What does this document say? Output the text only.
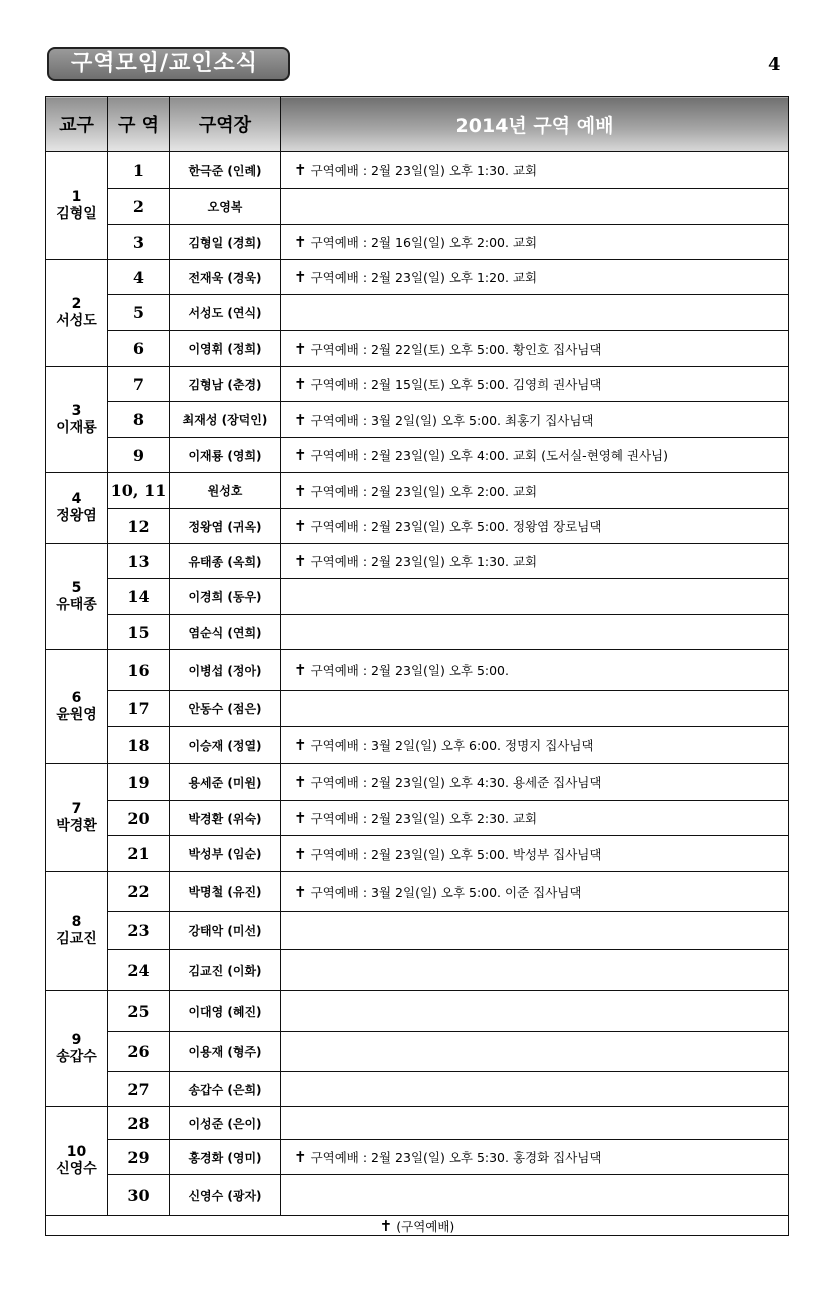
구역모임/교인소식	4
교구	구 역	구역장	2014년 구역 예배

1
김형일	1	한극준 (인례)	✝ 구역예배 : 2월 23일(일) 오후 1:30. 교회
	2	오영복	
	3	김형일 (경희)	✝ 구역예배 : 2월 16일(일) 오후 2:00. 교회

2
서성도	4	전재욱 (경욱)	✝ 구역예배 : 2월 23일(일) 오후 1:20. 교회
	5	서성도 (연식)	
	6	이영휘 (정희)	✝ 구역예배 : 2월 22일(토) 오후 5:00. 황인호 집사님댁

3
이재룡	7	김형남 (춘경)	✝ 구역예배 : 2월 15일(토) 오후 5:00. 김영희 권사님댁
	8	최재성 (장덕인)	✝ 구역예배 : 3월 2일(일) 오후 5:00. 최홍기 집사님댁
	9	이재룡 (영희)	✝ 구역예배 : 2월 23일(일) 오후 4:00. 교회 (도서실-현영혜 권사님)

4
정왕염	10, 11	원성호	✝ 구역예배 : 2월 23일(일) 오후 2:00. 교회
	12	정왕염 (귀옥)	✝ 구역예배 : 2월 23일(일) 오후 5:00. 정왕염 장로님댁

5
유태종	13	유태종 (옥희)	✝ 구역예배 : 2월 23일(일) 오후 1:30. 교회
	14	이경희 (동우)	
	15	염순식 (연희)	

6
윤원영	16	이병섭 (정아)	✝ 구역예배 : 2월 23일(일) 오후 5:00.
	17	안동수 (점은)	
	18	이승재 (정열)	✝ 구역예배 : 3월 2일(일) 오후 6:00. 정명지 집사님댁

7
박경환	19	용세준 (미원)	✝ 구역예배 : 2월 23일(일) 오후 4:30. 용세준 집사님댁
	20	박경환 (위숙)	✝ 구역예배 : 2월 23일(일) 오후 2:30. 교회
	21	박성부 (임순)	✝ 구역예배 : 2월 23일(일) 오후 5:00. 박성부 집사님댁

8
김교진	22	박명철 (유진)	✝ 구역예배 : 3월 2일(일) 오후 5:00. 이준 집사님댁
	23	강태악 (미선)	
	24	김교진 (이화)	

9
송갑수	25	이대영 (혜진)	
	26	이용재 (형주)	
	27	송갑수 (은희)	

10
신영수	28	이성준 (은이)	
	29	홍경화 (영미)	✝ 구역예배 : 2월 23일(일) 오후 5:30. 홍경화 집사님댁
	30	신영수 (광자)	
✝ (구역예배)			
